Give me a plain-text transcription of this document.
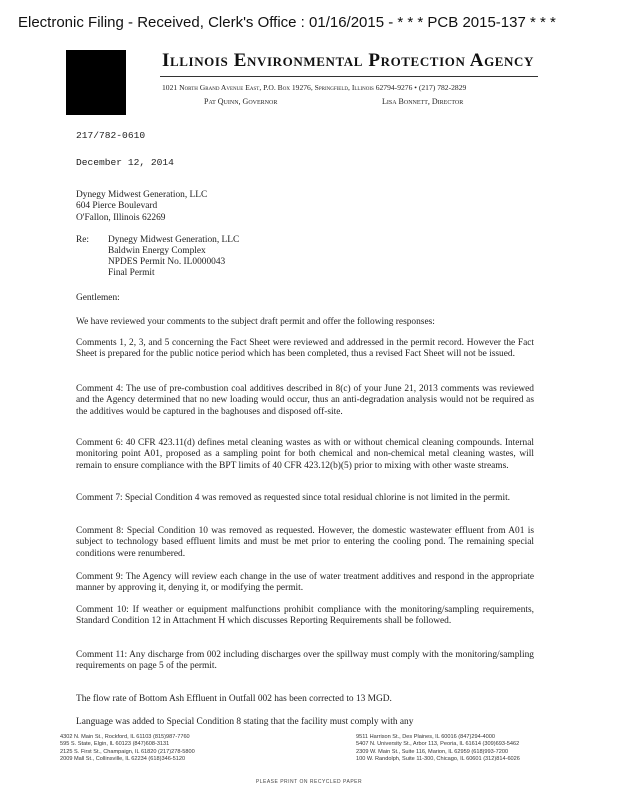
Electronic Filing - Received, Clerk's Office : 01/16/2015 - * * * PCB 2015-137 * * *
Illinois Environmental Protection Agency
1021 North Grand Avenue East, P.O. Box 19276, Springfield, Illinois 62794-9276 • (217) 782-2829
Pat Quinn, Governor	Lisa Bonnett, Director
217/782-0610
December 12, 2014
Dynegy Midwest Generation, LLC
604 Pierce Boulevard
O'Fallon, Illinois 62269
Re:	Dynegy Midwest Generation, LLC
Baldwin Energy Complex
NPDES Permit No. IL0000043
Final Permit
Gentlemen:

We have reviewed your comments to the subject draft permit and offer the following responses:

Comments 1, 2, 3, and 5 concerning the Fact Sheet were reviewed and addressed in the permit record. However the Fact Sheet is prepared for the public notice period which has been completed, thus a revised Fact Sheet will not be issued.

Comment 4: The use of pre-combustion coal additives described in 8(c) of your June 21, 2013 comments was reviewed and the Agency determined that no new loading would occur, thus an anti-degradation analysis would not be required as the additives would be captured in the baghouses and disposed off-site.

Comment 6: 40 CFR 423.11(d) defines metal cleaning wastes as with or without chemical cleaning compounds. Internal monitoring point A01, proposed as a sampling point for both chemical and non-chemical metal cleaning wastes, will remain to ensure compliance with the BPT limits of 40 CFR 423.12(b)(5) prior to mixing with other waste streams.

Comment 7: Special Condition 4 was removed as requested since total residual chlorine is not limited in the permit.

Comment 8: Special Condition 10 was removed as requested. However, the domestic wastewater effluent from A01 is subject to technology based effluent limits and must be met prior to entering the cooling pond. The remaining special conditions were renumbered.

Comment 9: The Agency will review each change in the use of water treatment additives and respond in the appropriate manner by approving it, denying it, or modifying the permit.

Comment 10: If weather or equipment malfunctions prohibit compliance with the monitoring/sampling requirements, Standard Condition 12 in Attachment H which discusses Reporting Requirements shall be followed.

Comment 11: Any discharge from 002 including discharges over the spillway must comply with the monitoring/sampling requirements on page 5 of the permit.

The flow rate of Bottom Ash Effluent in Outfall 002 has been corrected to 13 MGD.

Language was added to Special Condition 8 stating that the facility must comply with any

4302 N. Main St., Rockford, IL 61103 (815)987-7760
595 S. State, Elgin, IL 60123 (847)608-3131
2125 S. First St., Champaign, IL 61820 (217)278-5800
2009 Mall St., Collinsville, IL 62234 (618)346-5120
9511 Harrison St., Des Plaines, IL 60016 (847)294-4000
5407 N. University St., Arbor 113, Peoria, IL 61614 (309)693-5462
2309 W. Main St., Suite 116, Marion, IL 62959 (618)993-7200
100 W. Randolph, Suite 11-300, Chicago, IL 60601 (312)814-6026
PLEASE PRINT ON RECYCLED PAPER
